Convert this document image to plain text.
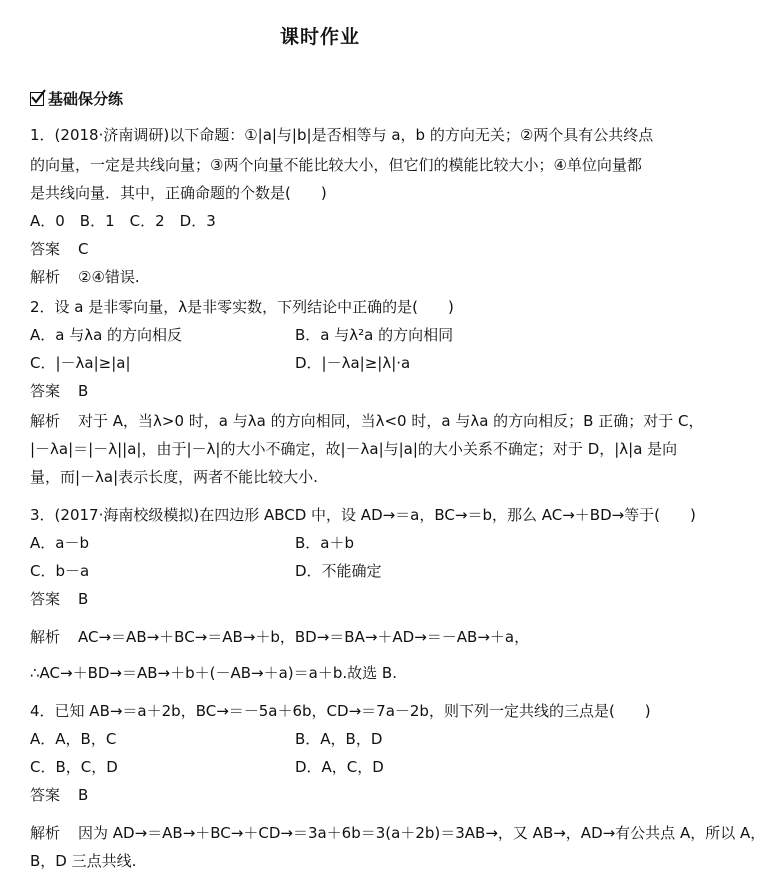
课时作业
基础保分练
1．(2018·济南调研)以下命题：①|a|与|b|是否相等与 a，b 的方向无关；②两个具有公共终点
的向量，一定是共线向量；③两个向量不能比较大小，但它们的模能比较大小；④单位向量都
是共线向量．其中，正确命题的个数是(　　)
A．0　B．1　C．2　D．3
答案 C
解析 ②④错误.
2．设 a 是非零向量，λ是非零实数，下列结论中正确的是(　　)
A．a 与λa 的方向相反	B．a 与λ²a 的方向相同
C．|－λa|≥|a|	D．|－λa|≥|λ|·a
答案 B
解析 对于 A，当λ>0 时，a 与λa 的方向相同，当λ<0 时，a 与λa 的方向相反；B 正确；对于 C，
|－λa|＝|－λ||a|，由于|－λ|的大小不确定，故|－λa|与|a|的大小关系不确定；对于 D，|λ|a 是向
量，而|－λa|表示长度，两者不能比较大小.
3．(2017·海南校级模拟)在四边形 ABCD 中，设 AD→＝a，BC→＝b，那么 AC→＋BD→等于(　　)
A．a－b	B．a＋b
C．b－a	D．不能确定
答案 B
解析 AC→＝AB→＋BC→＝AB→＋b，BD→＝BA→＋AD→＝－AB→＋a，
∴AC→＋BD→＝AB→＋b＋(－AB→＋a)＝a＋b.故选 B.
4．已知 AB→＝a＋2b，BC→＝－5a＋6b，CD→＝7a－2b，则下列一定共线的三点是(　　)
A．A，B，C	B．A，B，D
C．B，C，D	D．A，C，D
答案 B
解析 因为 AD→＝AB→＋BC→＋CD→＝3a＋6b＝3(a＋2b)＝3AB→，又 AB→，AD→有公共点 A，所以 A，
B，D 三点共线.
